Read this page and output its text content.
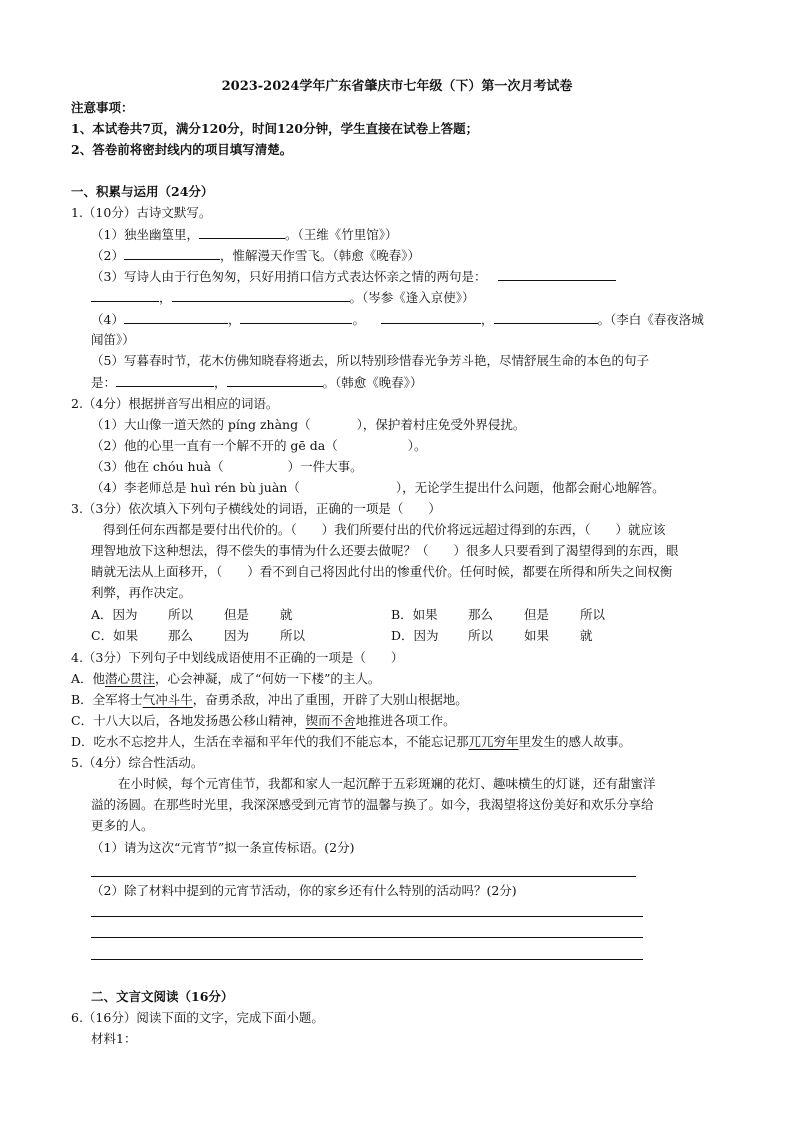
2023-2024学年广东省肇庆市七年级（下）第一次月考试卷
注意事项：
1、本试卷共7页，满分120分，时间120分钟，学生直接在试卷上答题；
2、答卷前将密封线内的项目填写清楚。
一、积累与运用（24分）
1.（10分）古诗文默写。
（1）独坐幽篁里，	。（王维《竹里馆》）
（2）	，惟解漫天作雪飞。（韩愈《晚春》）
（3）写诗人由于行色匆匆，只好用捎口信方式表达怀亲之情的两句是：
，	。（岑参《逢入京使》）
（4）	，	。	，	。（李白《春夜洛城
闻笛》）
（5）写暮春时节，花木仿佛知晓春将逝去，所以特别珍惜春光争芳斗艳，尽情舒展生命的本色的句子
是：	，	。（韩愈《晚春》）
2.（4分）根据拼音写出相应的词语。
（1）大山像一道天然的 píng zhàng（	），保护着村庄免受外界侵扰。
（2）他的心里一直有一个解不开的 gē da（	）。
（3）他在 chóu huà（	）一件大事。
（4）李老师总是 huì rén bù juàn（	），无论学生提出什么问题，他都会耐心地解答。
3.（3分）依次填入下列句子横线处的词语，正确的一项是（　　）
得到任何东西都是要付出代价的。（　　）我们所要付出的代价将远远超过得到的东西，（　　）就应该
理智地放下这种想法，得不偿失的事情为什么还要去做呢？（　　）很多人只要看到了渴望得到的东西，眼
睛就无法从上面移开，（　　）看不到自己将因此付出的惨重代价。任何时候，都要在所得和所失之间权衡
利弊，再作决定。
A．因为 所以 但是 就	B．如果 那么 但是 所以
C．如果 那么 因为 所以	D．因为 所以 如果 就
4.（3分）下列句子中划线成语使用不正确的一项是（　　）
A．他潜心贯注，心会神凝，成了“何妨一下楼”的主人。
B．全军将士气冲斗牛，奋勇杀敌，冲出了重围，开辟了大别山根据地。
C．十八大以后，各地发扬愚公移山精神，锲而不舍地推进各项工作。
D．吃水不忘挖井人，生活在幸福和平年代的我们不能忘本，不能忘记那兀兀穷年里发生的感人故事。
5.（4分）综合性活动。
在小时候，每个元宵佳节，我都和家人一起沉醉于五彩斑斓的花灯、趣味横生的灯谜，还有甜蜜洋
溢的汤圆。在那些时光里，我深深感受到元宵节的温馨与换了。如今，我渴望将这份美好和欢乐分享给
更多的人。
（1）请为这次“元宵节”拟一条宣传标语。(2分)
（2）除了材料中提到的元宵节活动，你的家乡还有什么特别的活动吗？(2分)
二、文言文阅读（16分）
6.（16分）阅读下面的文字，完成下面小题。
材料1：
